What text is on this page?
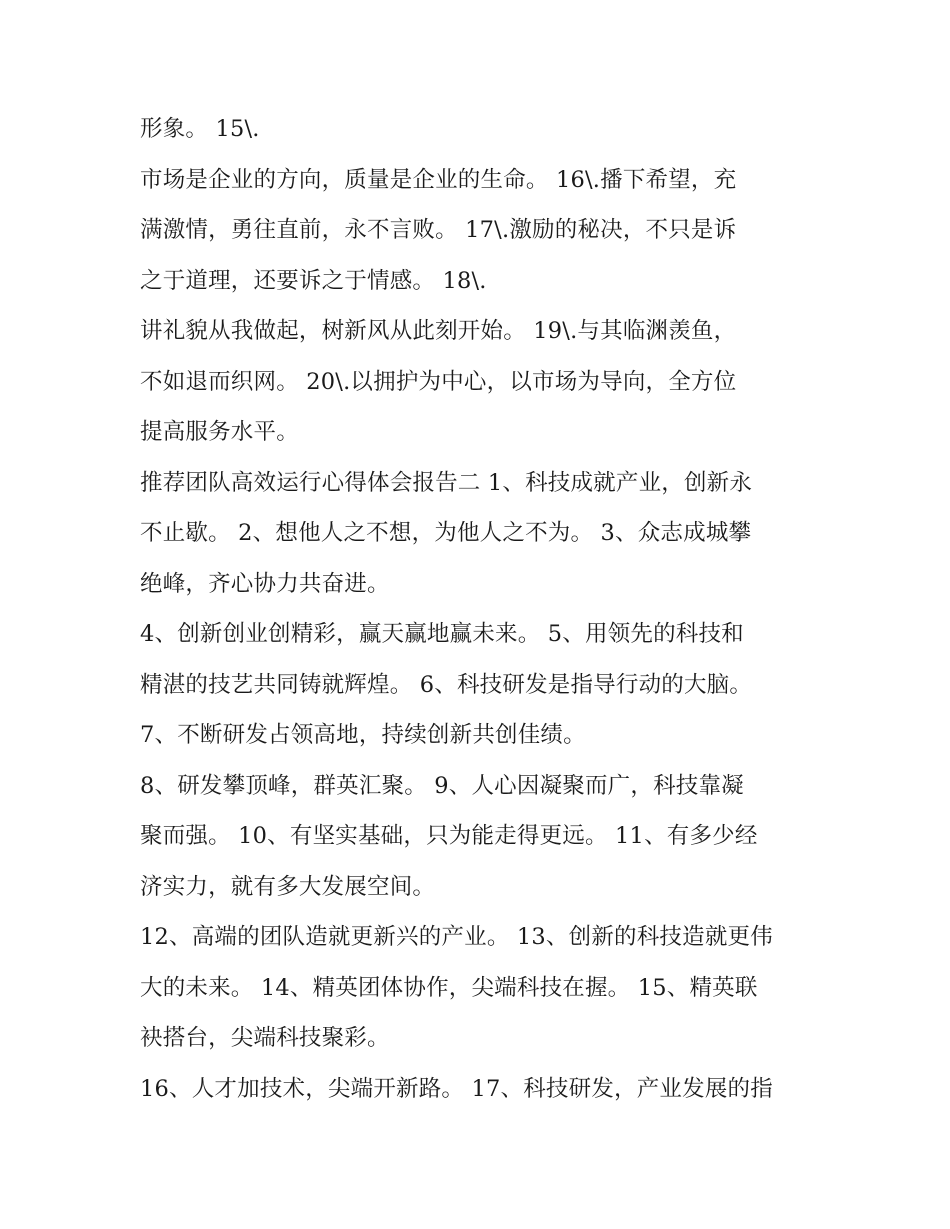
形象。 15\.
市场是企业的方向，质量是企业的生命。 16\.播下希望，充
满激情，勇往直前，永不言败。 17\.激励的秘决，不只是诉
之于道理，还要诉之于情感。 18\.
讲礼貌从我做起，树新风从此刻开始。 19\.与其临渊羡鱼，
不如退而织网。 20\.以拥护为中心，以市场为导向，全方位
提高服务水平。
推荐团队高效运行心得体会报告二 1、科技成就产业，创新永
不止歇。 2、想他人之不想，为他人之不为。 3、众志成城攀
绝峰，齐心协力共奋进。
4、创新创业创精彩，赢天赢地赢未来。 5、用领先的科技和
精湛的技艺共同铸就辉煌。 6、科技研发是指导行动的大脑。
7、不断研发占领高地，持续创新共创佳绩。
8、研发攀顶峰，群英汇聚。 9、人心因凝聚而广，科技靠凝
聚而强。 10、有坚实基础，只为能走得更远。 11、有多少经
济实力，就有多大发展空间。
12、高端的团队造就更新兴的产业。 13、创新的科技造就更伟
大的未来。 14、精英团体协作，尖端科技在握。 15、精英联
袂搭台，尖端科技聚彩。
16、人才加技术，尖端开新路。 17、科技研发，产业发展的指
